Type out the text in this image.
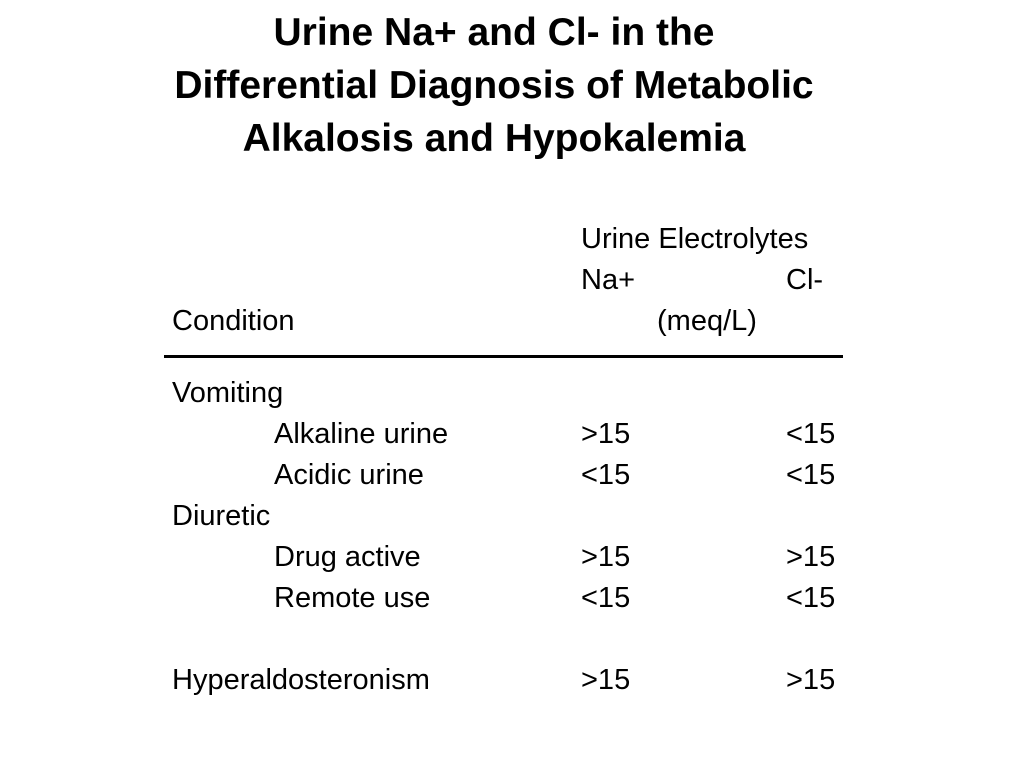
Urine Na+ and Cl- in the
Differential Diagnosis of Metabolic
Alkalosis and Hypokalemia
Urine Electrolytes
Na+	Cl-
Condition	(meq/L)
Vomiting
Alkaline urine	>15	<15
Acidic urine	<15	<15
Diuretic
Drug active	>15	>15
Remote use	<15	<15
Hyperaldosteronism	>15	>15
